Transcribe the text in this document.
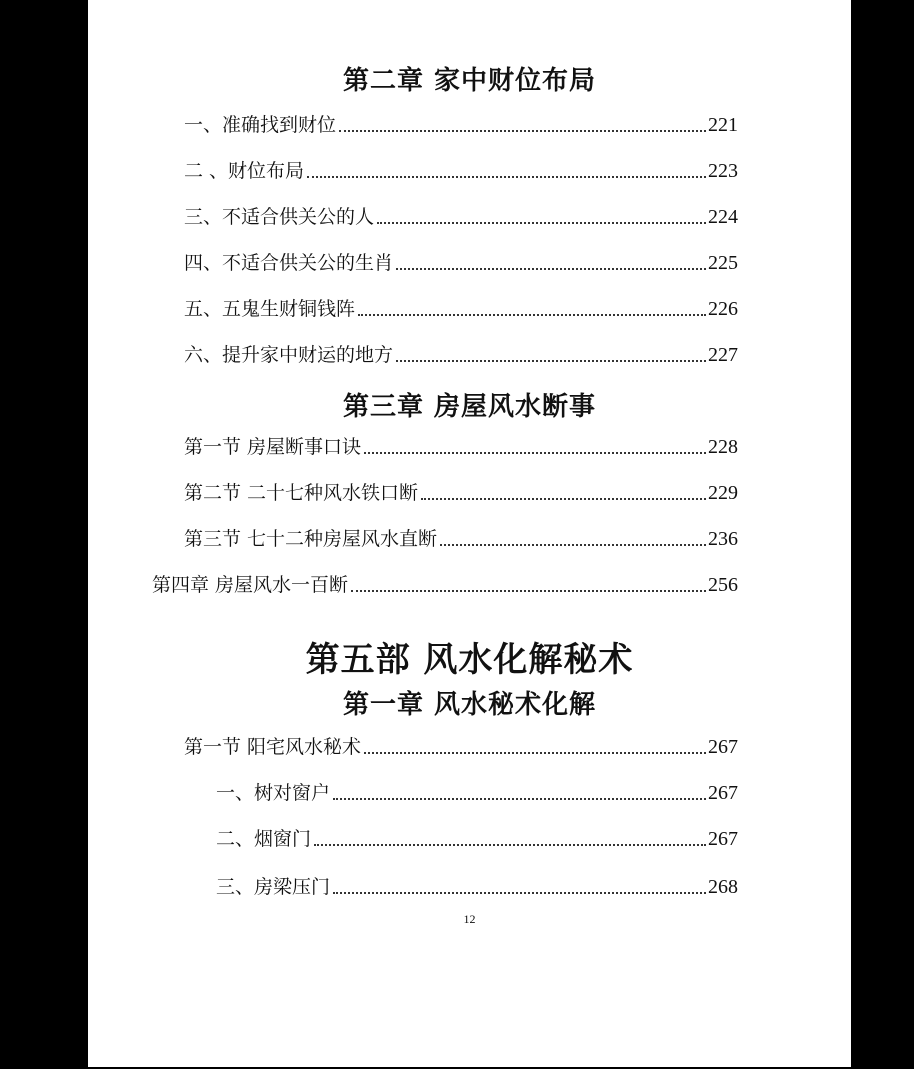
第二章 家中财位布局
一、准确找到财位	221
二 、财位布局	223
三、不适合供关公的人	224
四、不适合供关公的生肖	225
五、五鬼生财铜钱阵	226
六、提升家中财运的地方	227
第三章 房屋风水断事
第一节 房屋断事口诀	228
第二节 二十七种风水铁口断	229
第三节 七十二种房屋风水直断	236
第四章 房屋风水一百断	256
第五部 风水化解秘术
第一章 风水秘术化解
第一节 阳宅风水秘术	267
一、树对窗户	267
二、烟窗门	267
三、房梁压门	268
12
